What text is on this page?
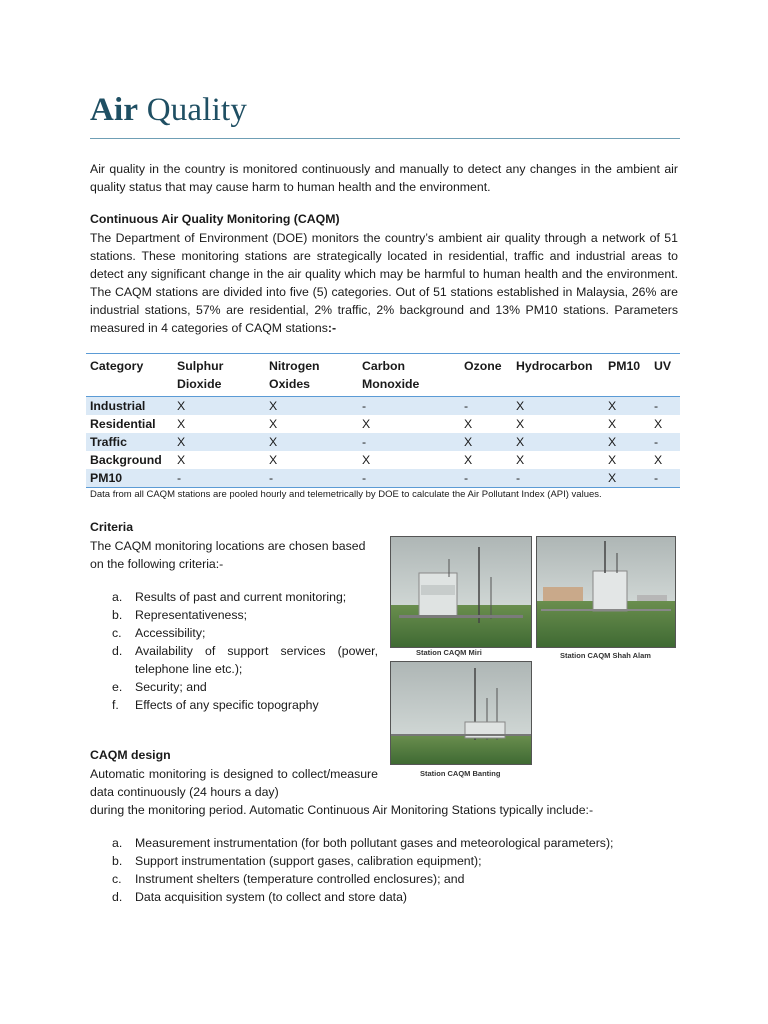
Air Quality
Air quality in the country is monitored continuously and manually to detect any changes in the ambient air quality status that may cause harm to human health and the environment.
Continuous Air Quality Monitoring (CAQM)
The Department of Environment (DOE) monitors the country’s ambient air quality through a network of 51 stations. These monitoring stations are strategically located in residential, traffic and industrial areas to detect any significant change in the air quality which may be harmful to human health and the environment. The CAQM stations are divided into five (5) categories. Out of 51 stations established in Malaysia, 26% are industrial stations, 57% are residential, 2% traffic, 2% background and 13% PM10 stations. Parameters measured in 4 categories of CAQM stations:-
Category	Sulphur Dioxide	Nitrogen Oxides	Carbon Monoxide	Ozone	Hydrocarbon	PM10	UV
Industrial	X	X	-	-	X	X	-
Residential	X	X	X	X	X	X	X
Traffic	X	X	-	X	X	X	-
Background	X	X	X	X	X	X	X
PM10	-	-	-	-	-	X	-
Data from all CAQM stations are pooled hourly and telemetrically by DOE to calculate the Air Pollutant Index (API) values.
Criteria
The CAQM monitoring locations are chosen based on the following criteria:-
a. Results of past and current monitoring;
b. Representativeness;
c. Accessibility;
d. Availability of support services (power, telephone line etc.);
e. Security; and
f. Effects of any specific topography
Station CAQM Miri	Station CAQM Shah Alam
Station CAQM Banting
CAQM design
Automatic monitoring is designed to collect/measure data continuously (24 hours a day)
during the monitoring period. Automatic Continuous Air Monitoring Stations typically include:-
a. Measurement instrumentation (for both pollutant gases and meteorological parameters);
b. Support instrumentation (support gases, calibration equipment);
c. Instrument shelters (temperature controlled enclosures); and
d. Data acquisition system (to collect and store data)
